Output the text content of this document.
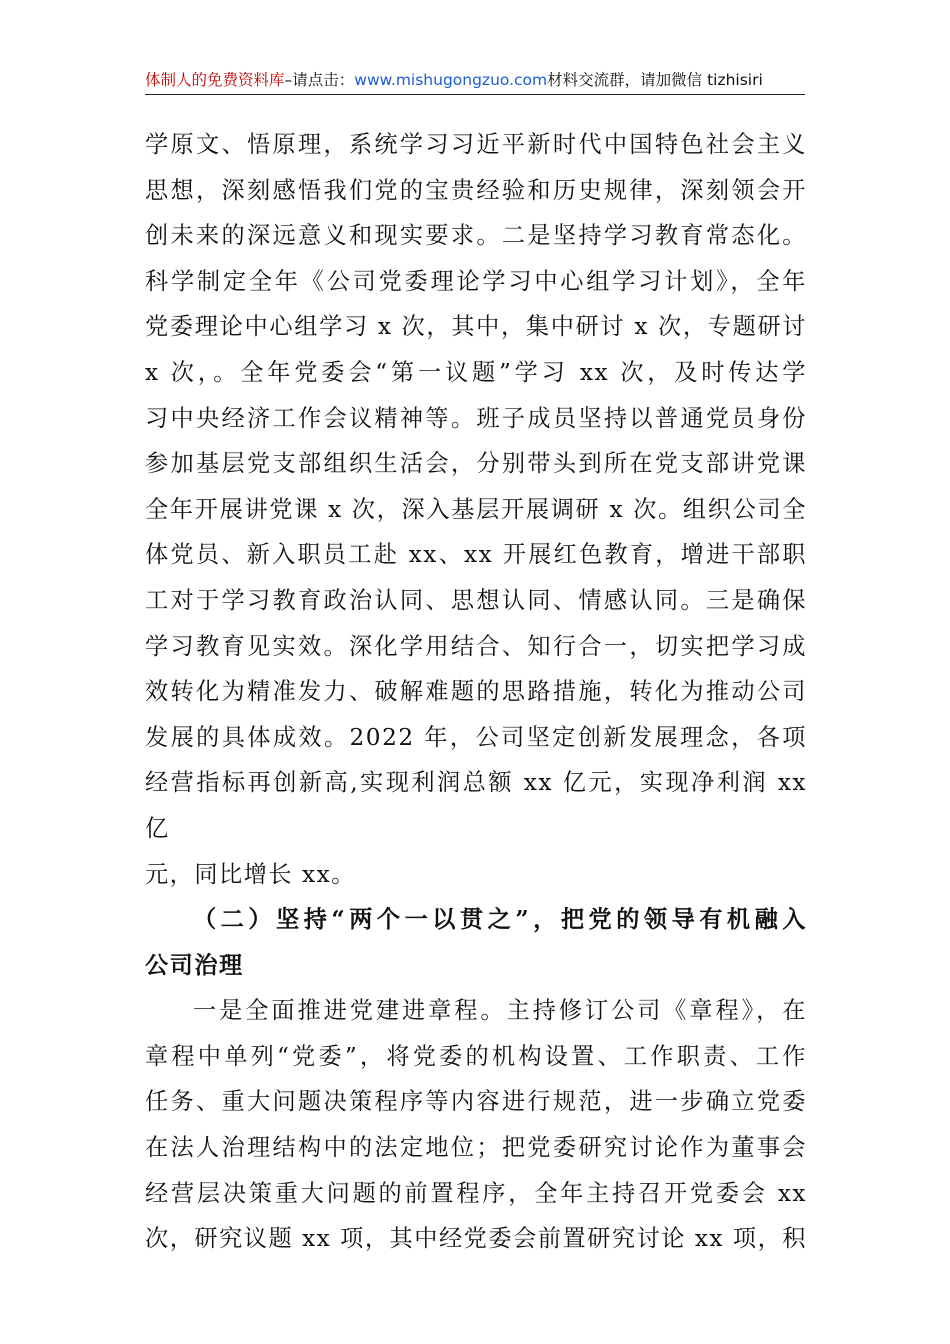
体制人的免费资料库–请点击：www.mishugongzuo.com材料交流群，请加微信 tizhisiri

学原文、悟原理，系统学习习近平新时代中国特色社会主义

思想，深刻感悟我们党的宝贵经验和历史规律，深刻领会开

创未来的深远意义和现实要求。二是坚持学习教育常态化。

科学制定全年《公司党委理论学习中心组学习计划》，全年

党委理论中心组学习 x 次，其中，集中研讨 x 次，专题研讨

x 次，。全年党委会“第一议题”学习 xx 次，及时传达学

习中央经济工作会议精神等。班子成员坚持以普通党员身份

参加基层党支部组织生活会，分别带头到所在党支部讲党课

全年开展讲党课 x 次，深入基层开展调研 x 次。组织公司全

体党员、新入职员工赴 xx、xx 开展红色教育，增进干部职

工对于学习教育政治认同、思想认同、情感认同。三是确保

学习教育见实效。深化学用结合、知行合一，切实把学习成

效转化为精准发力、破解难题的思路措施，转化为推动公司

发展的具体成效。2022 年，公司坚定创新发展理念，各项

经营指标再创新高,实现利润总额 xx 亿元，实现净利润 xx 亿

元，同比增长 xx。

（二）坚持“两个一以贯之”，把党的领导有机融入

公司治理

一是全面推进党建进章程。主持修订公司《章程》，在

章程中单列“党委”，将党委的机构设置、工作职责、工作

任务、重大问题决策程序等内容进行规范，进一步确立党委

在法人治理结构中的法定地位；把党委研究讨论作为董事会

经营层决策重大问题的前置程序，全年主持召开党委会 xx

次，研究议题 xx 项，其中经党委会前置研究讨论 xx 项，积
